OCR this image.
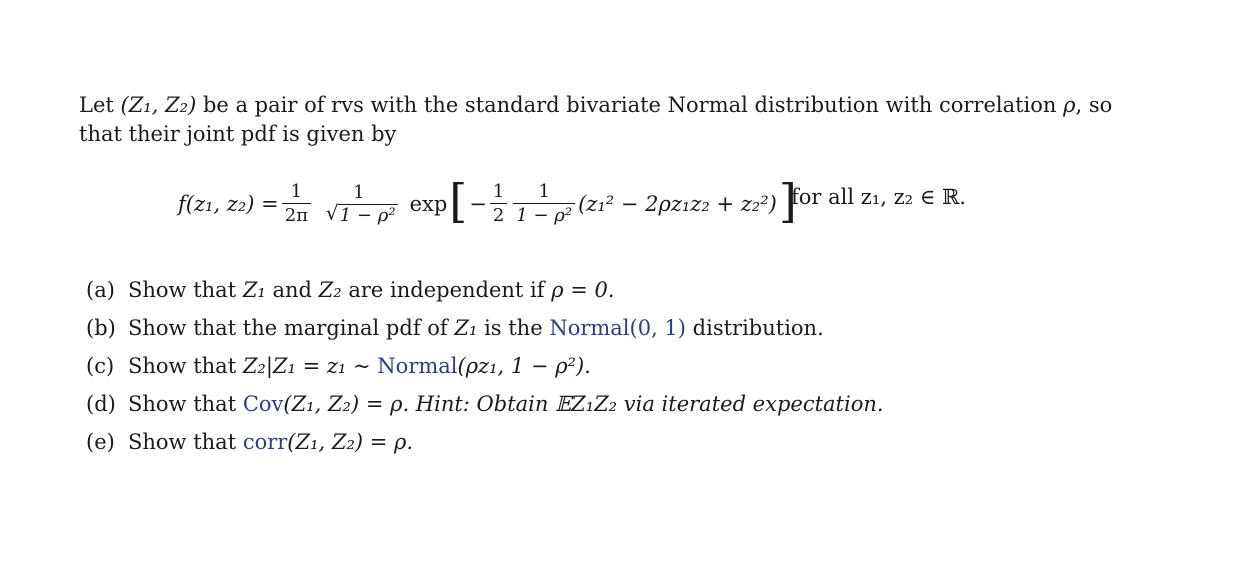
Let (Z₁, Z₂) be a pair of rvs with the standard bivariate Normal distribution with correlation ρ, so
that their joint pdf is given by
f(z₁, $z_2) = \frac{1}{2\pi} 1$

√ 1 − ρ² exp [ − $\frac{1}{2} \frac{1}{\text{1 − ρ²}} (z_1^2 - 2\rho z_1z_2 + z_2^2)$ ]
for all z₁, z₂ ∈ ℝ.
(a) Show that Z₁ and Z₂ are independent if ρ = 0.
(b) Show that the marginal pdf of Z₁ is the Normal(0, 1) distribution.
(c) Show that Z₂|Z₁ = z₁ ~ Normal(ρz₁, 1 − ρ²).
(d) Show that Cov(Z₁, Z₂) = ρ. Hint: Obtain 𝔼Z₁Z₂ via iterated expectation.
(e) Show that corr(Z₁, Z₂) = ρ.
